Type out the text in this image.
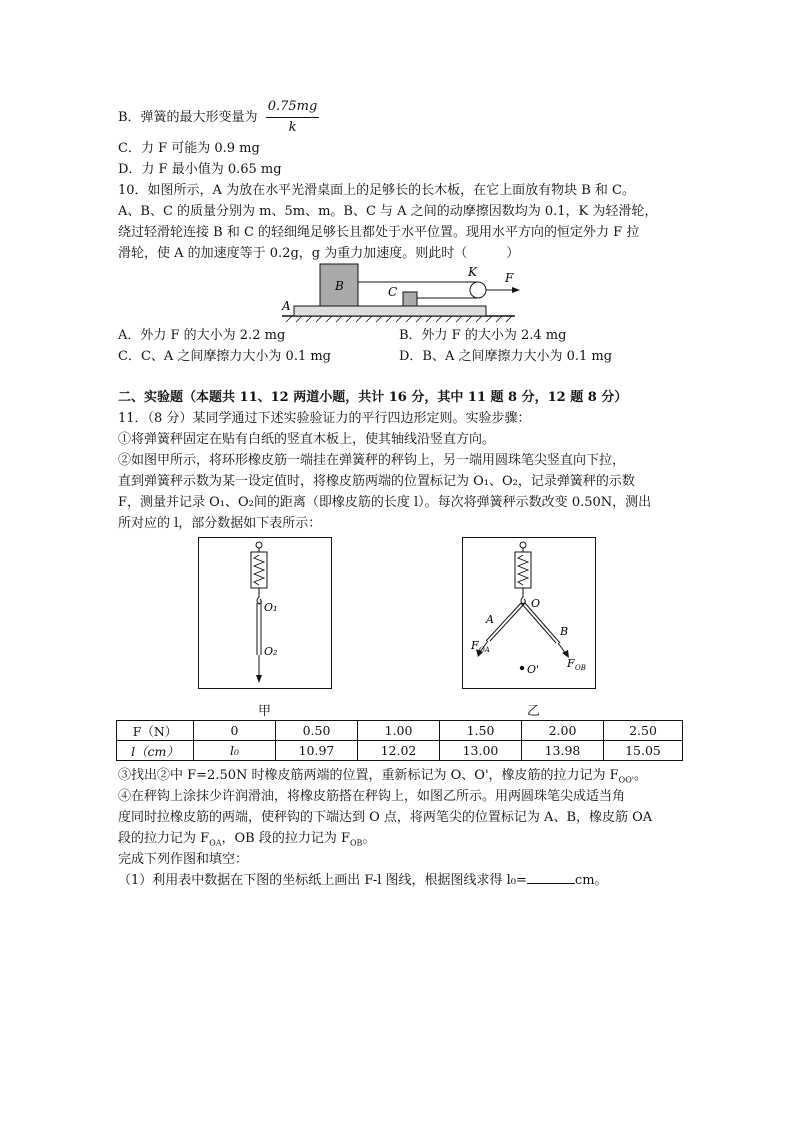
B．弹簧的最大形变量为 $\frac{0.75mg}{k}$
C．力 F 可能为 0.9 mg
D．力 F 最小值为 0.65 mg
10．如图所示，A 为放在水平光滑桌面上的足够长的长木板，在它上面放有物块 B 和 C。
A、B、C 的质量分别为 m、5m、m。B、C 与 A 之间的动摩擦因数均为 0.1，K 为轻滑轮，
绕过轻滑轮连接 B 和 C 的轻细绳足够长且都处于水平位置。现用水平方向的恒定外力 F 拉
滑轮，使 A 的加速度等于 0.2g，g 为重力加速度。则此时（　　　）
A
B	C
K F
A．外力 F 的大小为 2.2 mg	B．外力 F 的大小为 2.4 mg
C．C、A 之间摩擦力大小为 0.1 mg	D．B、A 之间摩擦力大小为 0.1 mg
二、实验题（本题共 11、12 两道小题，共计 16 分，其中 11 题 8 分，12 题 8 分）
11．（8 分）某同学通过下述实验验证力的平行四边形定则。实验步骤：
①将弹簧秤固定在贴有白纸的竖直木板上，使其轴线沿竖直方向。
②如图甲所示，将环形橡皮筋一端挂在弹簧秤的秤钩上，另一端用圆珠笔尖竖直向下拉，
直到弹簧秤示数为某一设定值时，将橡皮筋两端的位置标记为 O₁、O₂，记录弹簧秤的示数
F，测量并记录 O₁、O₂间的距离（即橡皮筋的长度 l）。每次将弹簧秤示数改变 0.50N，测出
所对应的 l，部分数据如下表所示：
O₁
O₂
甲
O
A
B
F OA
F OB
O'
乙
F（N）	0	0.50	1.00	1.50	2.00	2.50
l（cm）	l₀	10.97	12.02	13.00	13.98	15.05
③找出②中 F=2.50N 时橡皮筋两端的位置，重新标记为 O、O'，橡皮筋的拉力记为 $F_{OO'}$。
④在秤钩上涂抹少许润滑油，将橡皮筋搭在秤钩上，如图乙所示。用两圆珠笔尖成适当角
度同时拉橡皮筋的两端，使秤钩的下端达到 O 点，将两笔尖的位置标记为 A、B，橡皮筋 OA
段的拉力记为 $F_{OA}$，OB 段的拉力记为 $F_{OB}$。
完成下列作图和填空：
（1）利用表中数据在下图的坐标纸上画出 F-l 图线，根据图线求得 l₀=	cm。
